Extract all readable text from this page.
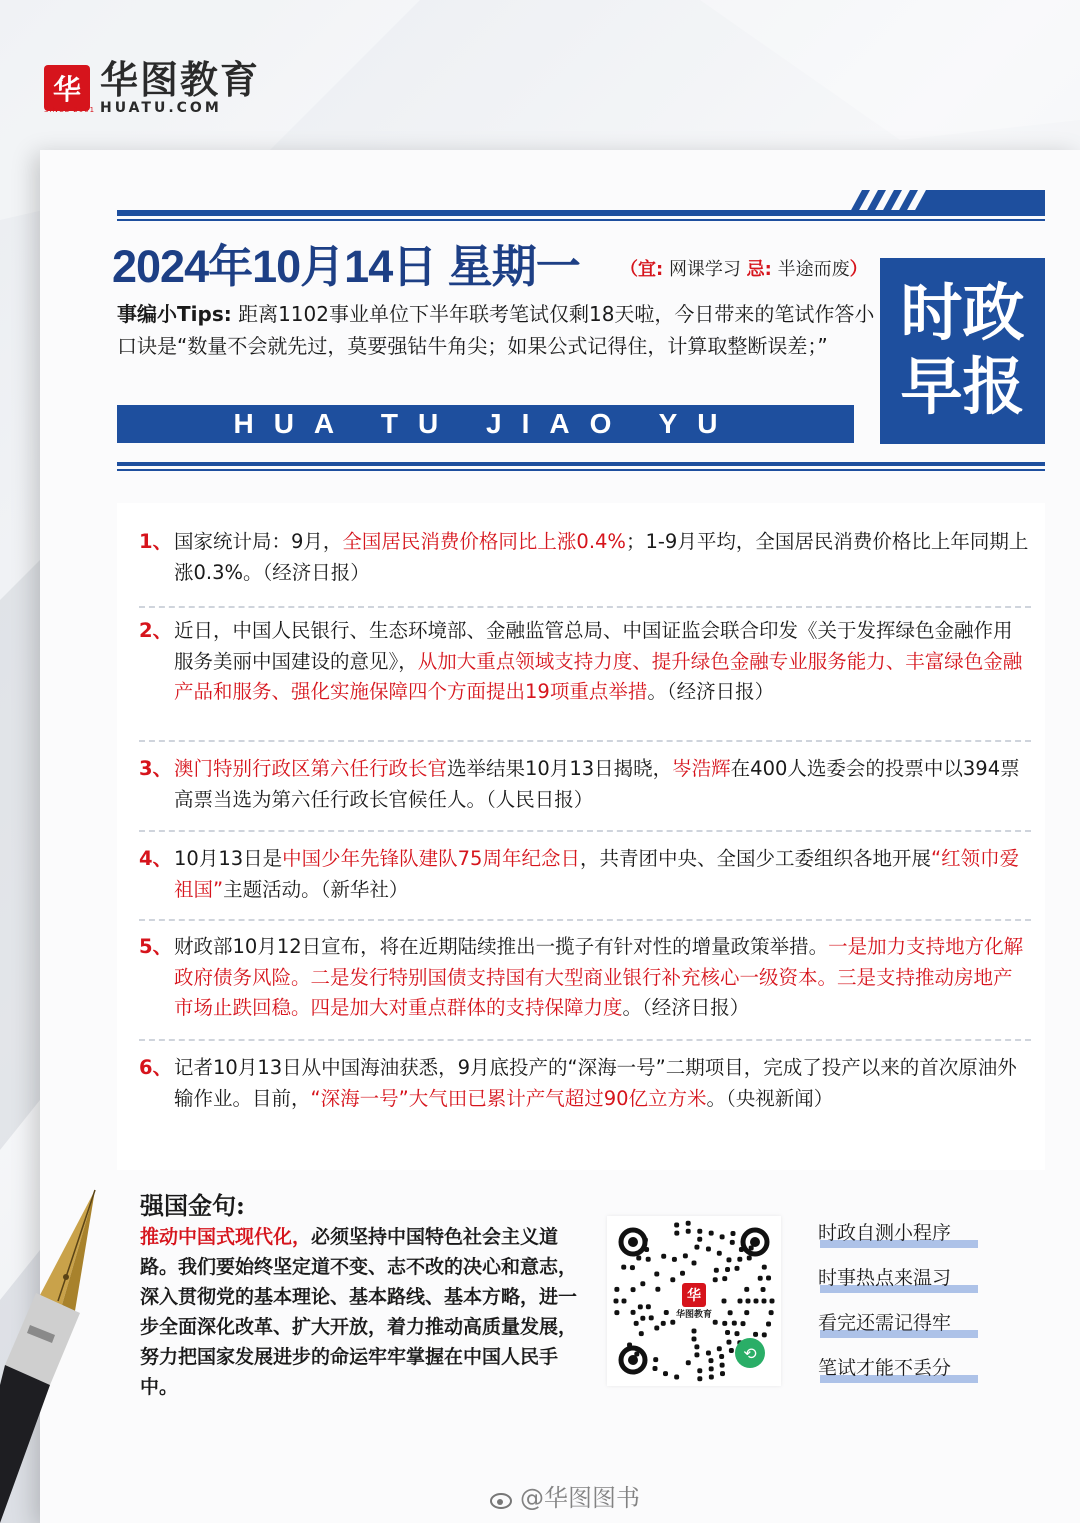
华
SINCE 2001
华图教育
HUATU.COM
2024年10月14日 星期一 （宜: 网课学习 忌: 半途而废）
事编小Tips: 距离1102事业单位下半年联考笔试仅剩18天啦，今日带来的笔试作答小口诀是“数量不会就先过，莫要强钻牛角尖；如果公式记得住，计算取整断误差；”
HUA TU JIAO YU
时政
早报
1、 国家统计局：9月，全国居民消费价格同比上涨0.4%；1-9月平均，全国居民消费价格比上年同期上涨0.3%。（经济日报）
2、 近日，中国人民银行、生态环境部、金融监管总局、中国证监会联合印发《关于发挥绿色金融作用　服务美丽中国建设的意见》，从加大重点领域支持力度、提升绿色金融专业服务能力、丰富绿色金融产品和服务、强化实施保障四个方面提出19项重点举措。（经济日报）
3、 澳门特别行政区第六任行政长官选举结果10月13日揭晓，岑浩辉在400人选委会的投票中以394票高票当选为第六任行政长官候任人。（人民日报）
4、 10月13日是中国少年先锋队建队75周年纪念日，共青团中央、全国少工委组织各地开展“红领巾爱祖国”主题活动。（新华社）
5、 财政部10月12日宣布，将在近期陆续推出一揽子有针对性的增量政策举措。一是加力支持地方化解政府债务风险。二是发行特别国债支持国有大型商业银行补充核心一级资本。三是支持推动房地产市场止跌回稳。四是加大对重点群体的支持保障力度。（经济日报）
6、 记者10月13日从中国海油获悉，9月底投产的“深海一号”二期项目，完成了投产以来的首次原油外输作业。目前，“深海一号”大气田已累计产气超过90亿立方米。（央视新闻）
强国金句:
推动中国式现代化，必须坚持中国特色社会主义道路。我们要始终坚定道不变、志不改的决心和意志，深入贯彻党的基本理论、基本路线、基本方略，进一步全面深化改革、扩大开放，着力推动高质量发展，努力把国家发展进步的命运牢牢掌握在中国人民手中。
华
华图教育
⟲
时政自测小程序
时事热点来温习
看完还需记得牢
笔试才能不丢分
@华图图书
